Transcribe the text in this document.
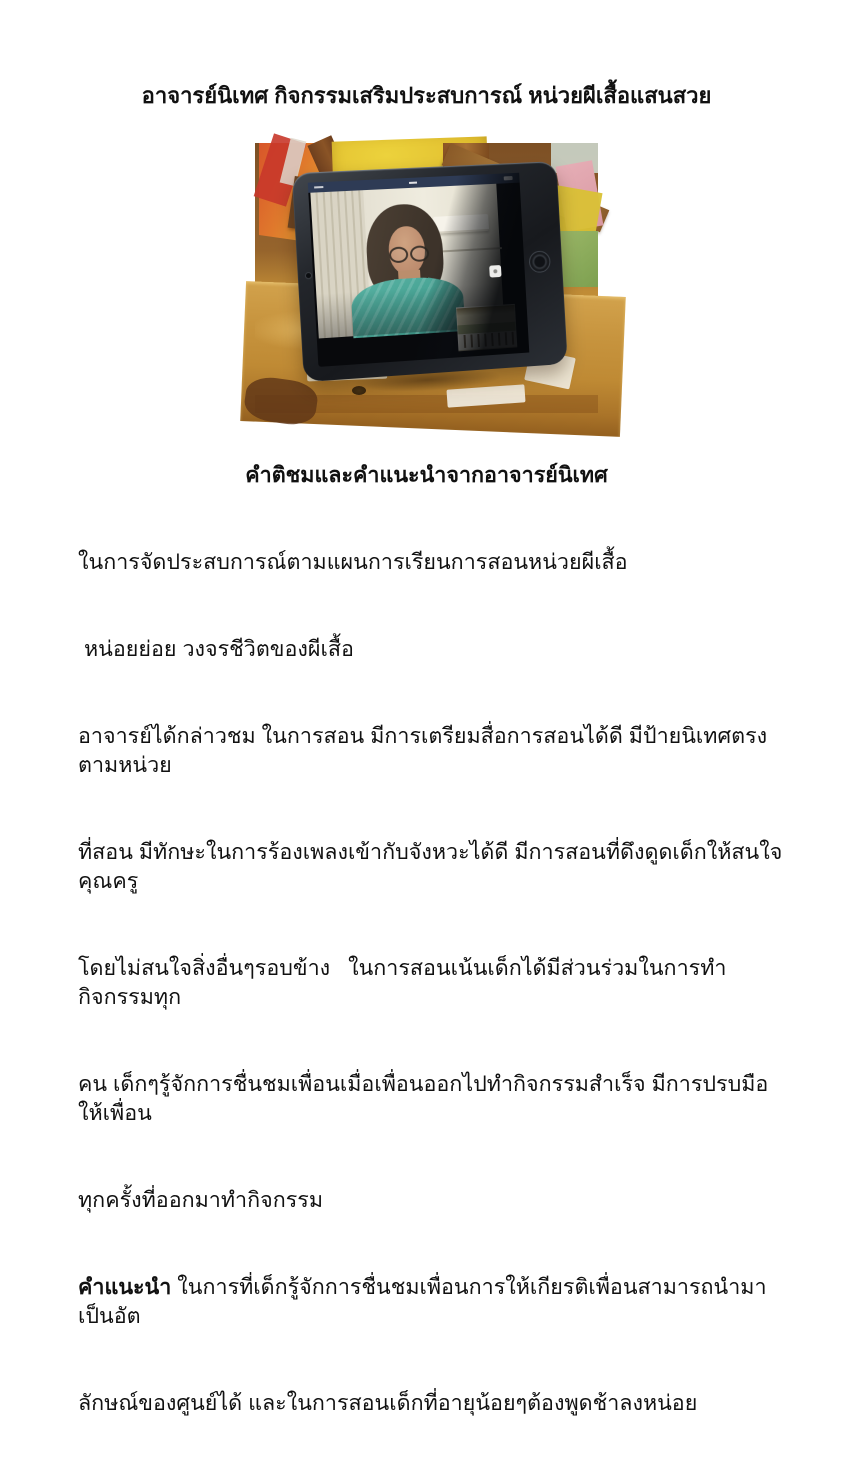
อาจารย์นิเทศ กิจกรรมเสริมประสบการณ์ หน่วยผีเสื้อแสนสวย
คำติชมและคำแนะนำจากอาจารย์นิเทศ

ในการจัดประสบการณ์ตามแผนการเรียนการสอนหน่วยผีเสื้อ

หน่อยย่อย วงจรชีวิตของผีเสื้อ

อาจารย์ได้กล่าวชม ในการสอน มีการเตรียมสื่อการสอนได้ดี มีป้ายนิเทศตรงตามหน่วย

ที่สอน มีทักษะในการร้องเพลงเข้ากับจังหวะได้ดี มีการสอนที่ดึงดูดเด็กให้สนใจคุณครู

โดยไม่สนใจสิ่งอื่นๆรอบข้าง   ในการสอนเน้นเด็กได้มีส่วนร่วมในการทำกิจกรรมทุก

คน เด็กๆรู้จักการชื่นชมเพื่อนเมื่อเพื่อนออกไปทำกิจกรรมสำเร็จ มีการปรบมือให้เพื่อน

ทุกครั้งที่ออกมาทำกิจกรรม

คำแนะนำ ในการที่เด็กรู้จักการชื่นชมเพื่อนการให้เกียรติเพื่อนสามารถนำมาเป็นอัต

ลักษณ์ของศูนย์ได้ และในการสอนเด็กที่อายุน้อยๆต้องพูดช้าลงหน่อย
